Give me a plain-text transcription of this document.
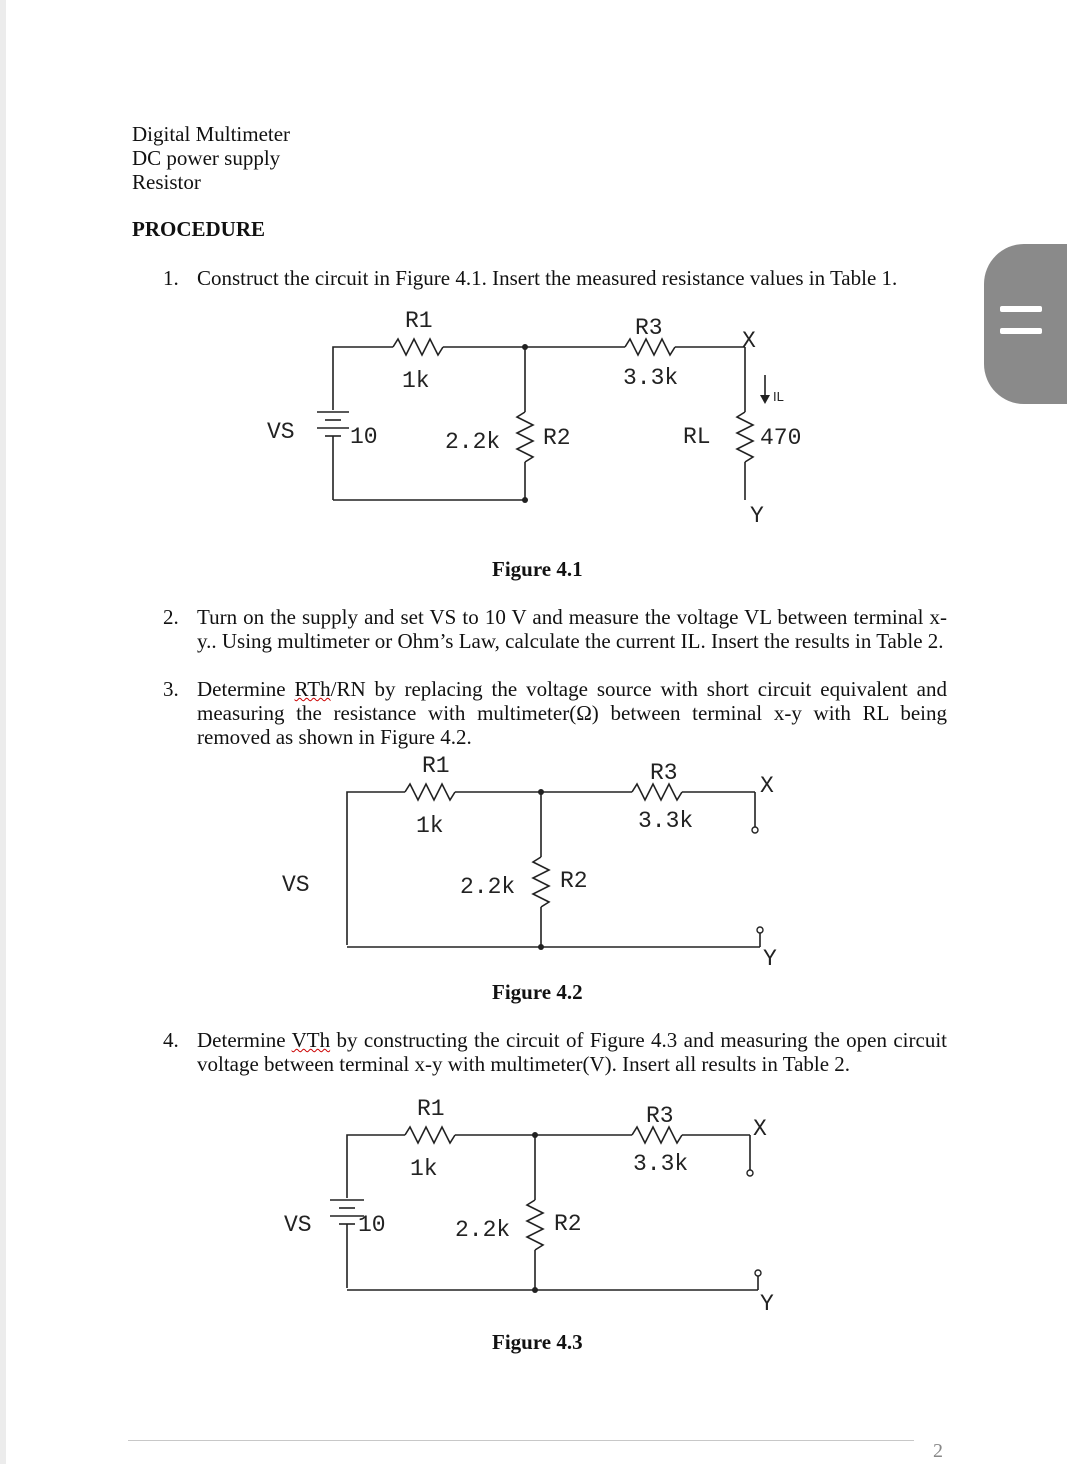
Digital Multimeter
DC power supply
Resistor
PROCEDURE
1. Construct the circuit in Figure 4.1. Insert the measured resistance values in Table 1.
R1
1k
R3
3.3k
X
IL
VS 10	2.2k R2	RL 470
Y
Figure 4.1
2. Turn on the supply and set VS to 10 V and measure the voltage VL between terminal x-y.. Using multimeter or Ohm’s Law, calculate the current IL. Insert the results in Table 2.
3. Determine RTh/RN by replacing the voltage source with short circuit equivalent and measuring the resistance with multimeter(Ω) between terminal x-y with RL being removed as shown in Figure 4.2.
R1
1k
R3
3.3k
X
VS	2.2k R2
Y
Figure 4.2
4. Determine VTh by constructing the circuit of Figure 4.3 and measuring the open circuit voltage between terminal x-y with multimeter(V). Insert all results in Table 2.
R1
1k
R3
3.3k
X
VS 10	2.2k R2
Y
Figure 4.3
2
